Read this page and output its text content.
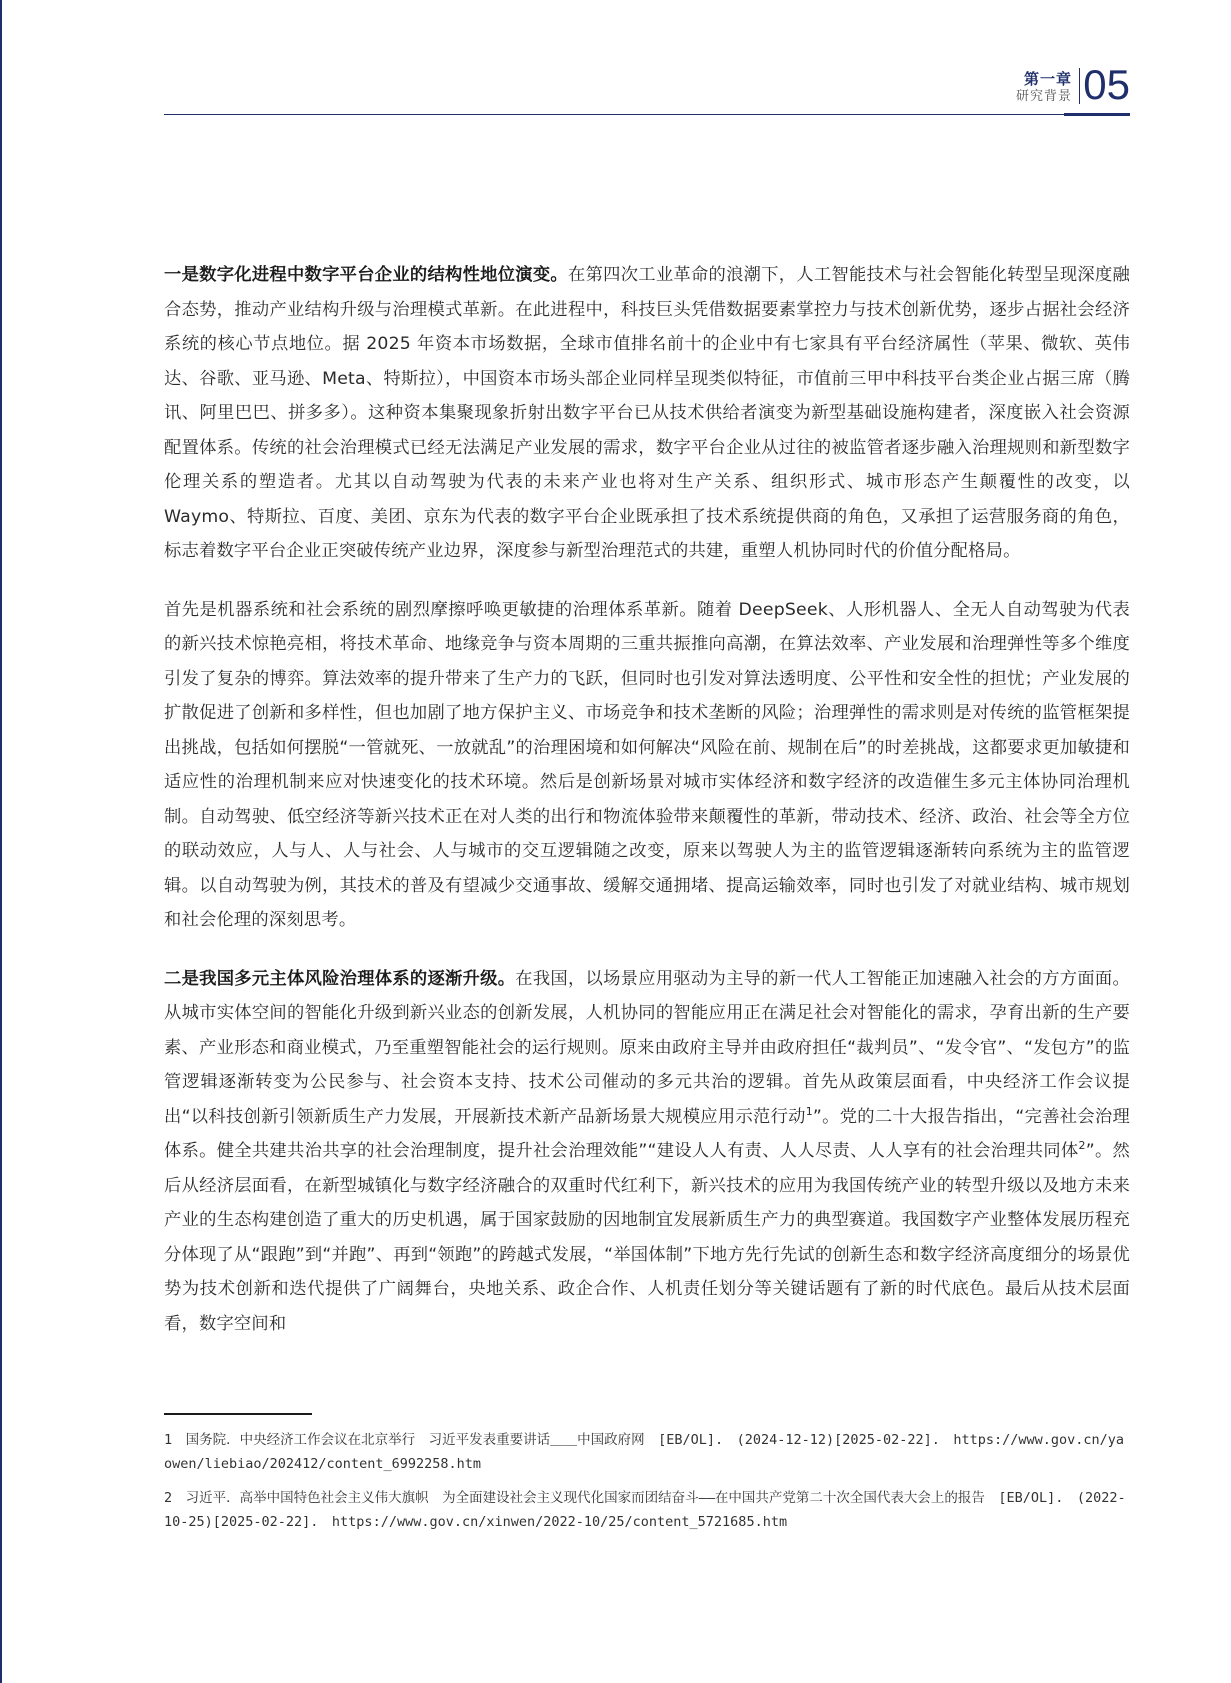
第一章
研究背景 05

一是数字化进程中数字平台企业的结构性地位演变。在第四次工业革命的浪潮下，人工智能技术与社会智能化转型呈现深度融合态势，推动产业结构升级与治理模式革新。在此进程中，科技巨头凭借数据要素掌控力与技术创新优势，逐步占据社会经济系统的核心节点地位。据 2025 年资本市场数据，全球市值排名前十的企业中有七家具有平台经济属性（苹果、微软、英伟达、谷歌、亚马逊、Meta、特斯拉），中国资本市场头部企业同样呈现类似特征，市值前三甲中科技平台类企业占据三席（腾讯、阿里巴巴、拼多多）。这种资本集聚现象折射出数字平台已从技术供给者演变为新型基础设施构建者，深度嵌入社会资源配置体系。传统的社会治理模式已经无法满足产业发展的需求，数字平台企业从过往的被监管者逐步融入治理规则和新型数字伦理关系的塑造者。尤其以自动驾驶为代表的未来产业也将对生产关系、组织形式、城市形态产生颠覆性的改变，以 Waymo、特斯拉、百度、美团、京东为代表的数字平台企业既承担了技术系统提供商的角色，又承担了运营服务商的角色，标志着数字平台企业正突破传统产业边界，深度参与新型治理范式的共建，重塑人机协同时代的价值分配格局。

首先是机器系统和社会系统的剧烈摩擦呼唤更敏捷的治理体系革新。随着 DeepSeek、人形机器人、全无人自动驾驶为代表的新兴技术惊艳亮相，将技术革命、地缘竞争与资本周期的三重共振推向高潮，在算法效率、产业发展和治理弹性等多个维度引发了复杂的博弈。算法效率的提升带来了生产力的飞跃，但同时也引发对算法透明度、公平性和安全性的担忧；产业发展的扩散促进了创新和多样性，但也加剧了地方保护主义、市场竞争和技术垄断的风险；治理弹性的需求则是对传统的监管框架提出挑战，包括如何摆脱“一管就死、一放就乱”的治理困境和如何解决“风险在前、规制在后”的时差挑战，这都要求更加敏捷和适应性的治理机制来应对快速变化的技术环境。然后是创新场景对城市实体经济和数字经济的改造催生多元主体协同治理机制。自动驾驶、低空经济等新兴技术正在对人类的出行和物流体验带来颠覆性的革新，带动技术、经济、政治、社会等全方位的联动效应，人与人、人与社会、人与城市的交互逻辑随之改变，原来以驾驶人为主的监管逻辑逐渐转向系统为主的监管逻辑。以自动驾驶为例，其技术的普及有望减少交通事故、缓解交通拥堵、提高运输效率，同时也引发了对就业结构、城市规划和社会伦理的深刻思考。

二是我国多元主体风险治理体系的逐渐升级。在我国，以场景应用驱动为主导的新一代人工智能正加速融入社会的方方面面。从城市实体空间的智能化升级到新兴业态的创新发展，人机协同的智能应用正在满足社会对智能化的需求，孕育出新的生产要素、产业形态和商业模式，乃至重塑智能社会的运行规则。原来由政府主导并由政府担任“裁判员”、“发令官”、“发包方”的监管逻辑逐渐转变为公民参与、社会资本支持、技术公司催动的多元共治的逻辑。首先从政策层面看，中央经济工作会议提出“以科技创新引领新质生产力发展，开展新技术新产品新场景大规模应用示范行动$^1$”。党的二十大报告指出，“完善社会治理体系。健全共建共治共享的社会治理制度，提升社会治理效能”“建设人人有责、人人尽责、人人享有的社会治理共同体$^2$”。然后从经济层面看，在新型城镇化与数字经济融合的双重时代红利下，新兴技术的应用为我国传统产业的转型升级以及地方未来产业的生态构建创造了重大的历史机遇，属于国家鼓励的因地制宜发展新质生产力的典型赛道。我国数字产业整体发展历程充分体现了从“跟跑”到“并跑”、再到“领跑”的跨越式发展，“举国体制”下地方先行先试的创新生态和数字经济高度细分的场景优势为技术创新和迭代提供了广阔舞台，央地关系、政企合作、人机责任划分等关键话题有了新的时代底色。最后从技术层面看，数字空间和

1　国务院．中央经济工作会议在北京举行　习近平发表重要讲话＿＿中国政府网　[EB/OL].　(2024-12-12)[2025-02-22].　https://www.gov.cn/yaowen/liebiao/202412/content_6992258.htm

2　习近平．高举中国特色社会主义伟大旗帜　为全面建设社会主义现代化国家而团结奋斗——在中国共产党第二十次全国代表大会上的报告　[EB/OL].　(2022-10-25)[2025-02-22].　https://www.gov.cn/xinwen/2022-10/25/content_5721685.htm
